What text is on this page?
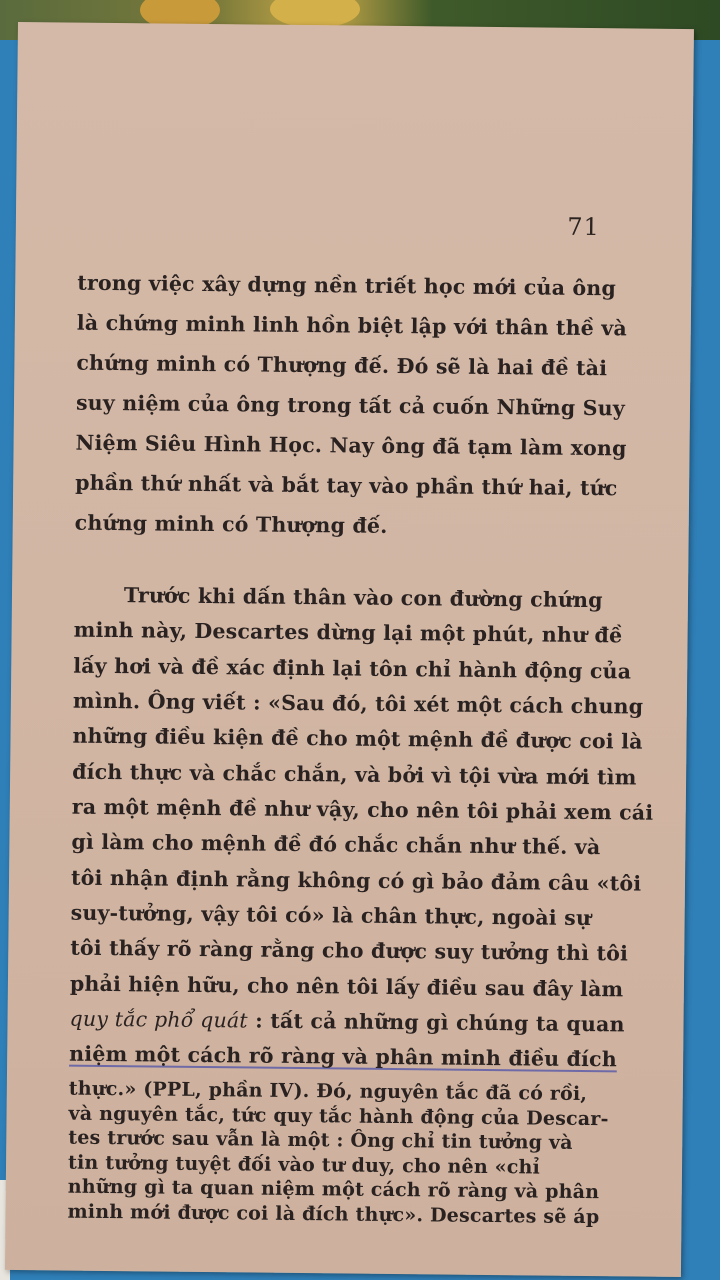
71
trong việc xây dựng nền triết học mới của ông
là chứng minh linh hồn biệt lập với thân thề và
chứng minh có Thượng đế. Đó sẽ là hai đề tài
suy niệm của ông trong tất cả cuốn Những Suy
Niệm Siêu Hình Học. Nay ông đã tạm làm xong
phần thứ nhất và bắt tay vào phần thứ hai, tức
chứng minh có Thượng đế.
Trước khi dấn thân vào con đường chứng
minh này, Descartes dừng lại một phút, như đề
lấy hơi và đề xác định lại tôn chỉ hành động của
mình. Ông viết : «Sau đó, tôi xét một cách chung
những điều kiện đề cho một mệnh đề được coi là
đích thực và chắc chắn, và bởi vì tội vừa mới tìm
ra một mệnh đề như vậy, cho nên tôi phải xem cái
gì làm cho mệnh đề đó chắc chắn như thế. và
tôi nhận định rằng không có gì bảo đảm câu «tôi
suy-tưởng, vậy tôi có» là chân thực, ngoài sự
tôi thấy rõ ràng rằng cho được suy tưởng thì tôi
phải hiện hữu, cho nên tôi lấy điều sau đây làm
quy tắc phổ quát : tất cả những gì chúng ta quan
niệm một cách rõ ràng và phân minh điều đích
thực.» (PPL, phần IV). Đó, nguyên tắc đã có rồi,
và nguyên tắc, tức quy tắc hành động của Descar-
tes trước sau vẫn là một : Ông chỉ tin tưởng và
tin tưởng tuyệt đối vào tư duy, cho nên «chỉ
những gì ta quan niệm một cách rõ ràng và phân
minh mới được coi là đích thực». Descartes sẽ áp
